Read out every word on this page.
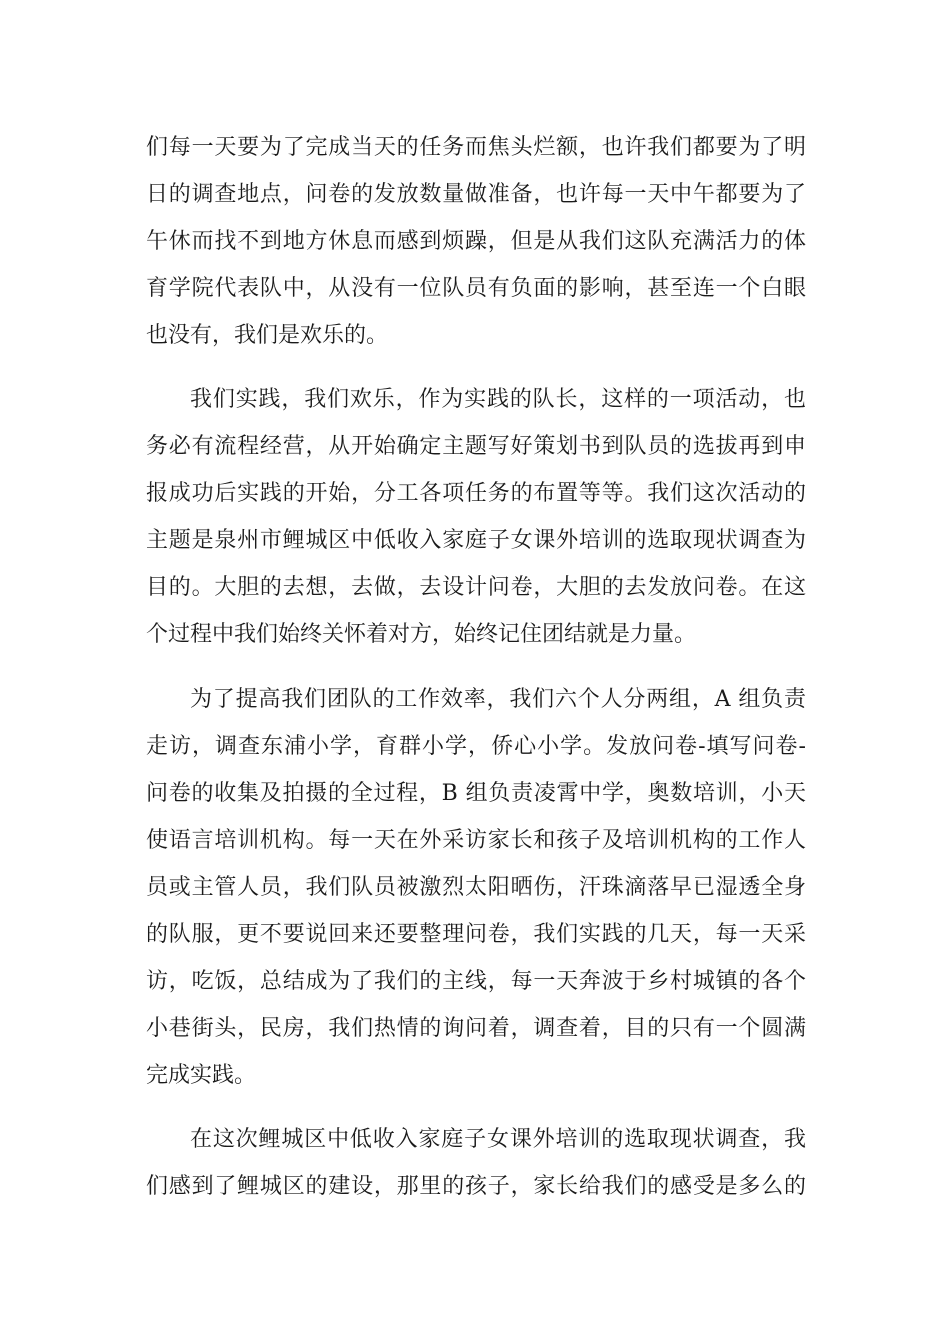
们每一天要为了完成当天的任务而焦头烂额，也许我们都要为了明
日的调查地点，问卷的发放数量做准备，也许每一天中午都要为了
午休而找不到地方休息而感到烦躁，但是从我们这队充满活力的体
育学院代表队中，从没有一位队员有负面的影响，甚至连一个白眼
也没有，我们是欢乐的。
我们实践，我们欢乐，作为实践的队长，这样的一项活动，也
务必有流程经营，从开始确定主题写好策划书到队员的选拔再到申
报成功后实践的开始，分工各项任务的布置等等。我们这次活动的
主题是泉州市鲤城区中低收入家庭子女课外培训的选取现状调查为
目的。大胆的去想，去做，去设计问卷，大胆的去发放问卷。在这
个过程中我们始终关怀着对方，始终记住团结就是力量。
为了提高我们团队的工作效率，我们六个人分两组，A 组负责
走访，调查东浦小学，育群小学，侨心小学。发放问卷-填写问卷-
问卷的收集及拍摄的全过程，B 组负责凌霄中学，奥数培训，小天
使语言培训机构。每一天在外采访家长和孩子及培训机构的工作人
员或主管人员，我们队员被激烈太阳晒伤，汗珠滴落早已湿透全身
的队服，更不要说回来还要整理问卷，我们实践的几天，每一天采
访，吃饭，总结成为了我们的主线，每一天奔波于乡村城镇的各个
小巷街头，民房，我们热情的询问着，调查着，目的只有一个圆满
完成实践。
在这次鲤城区中低收入家庭子女课外培训的选取现状调查，我
们感到了鲤城区的建设，那里的孩子，家长给我们的感受是多么的
